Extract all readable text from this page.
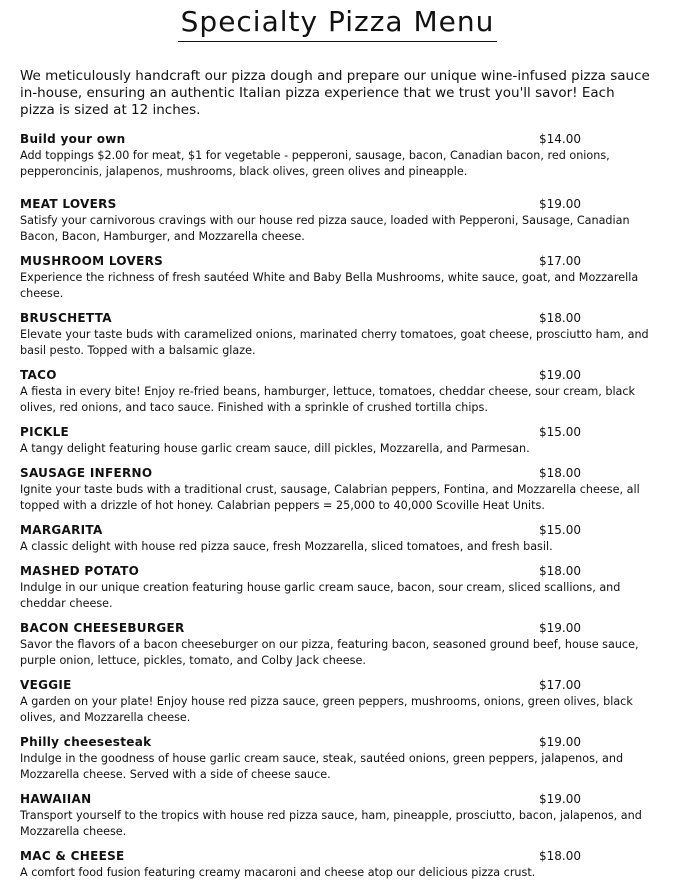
Specialty Pizza Menu

We meticulously handcraft our pizza dough and prepare our unique wine-infused pizza sauce in-house, ensuring an authentic Italian pizza experience that we trust you'll savor! Each pizza is sized at 12 inches.

Build your own	$14.00

Add toppings $2.00 for meat, $1 for vegetable - pepperoni, sausage, bacon, Canadian bacon, red onions, pepperoncinis, jalapenos, mushrooms, black olives, green olives and pineapple.

MEAT LOVERS	$19.00

Satisfy your carnivorous cravings with our house red pizza sauce, loaded with Pepperoni, Sausage, Canadian Bacon, Bacon, Hamburger, and Mozzarella cheese.

MUSHROOM LOVERS	$17.00

Experience the richness of fresh sautéed White and Baby Bella Mushrooms, white sauce, goat, and Mozzarella cheese.

BRUSCHETTA	$18.00

Elevate your taste buds with caramelized onions, marinated cherry tomatoes, goat cheese, prosciutto ham, and basil pesto. Topped with a balsamic glaze.

TACO	$19.00

A fiesta in every bite! Enjoy re-fried beans, hamburger, lettuce, tomatoes, cheddar cheese, sour cream, black olives, red onions, and taco sauce. Finished with a sprinkle of crushed tortilla chips.

PICKLE	$15.00

A tangy delight featuring house garlic cream sauce, dill pickles, Mozzarella, and Parmesan.

SAUSAGE INFERNO	$18.00

Ignite your taste buds with a traditional crust, sausage, Calabrian peppers, Fontina, and Mozzarella cheese, all topped with a drizzle of hot honey. Calabrian peppers = 25,000 to 40,000 Scoville Heat Units.

MARGARITA	$15.00

A classic delight with house red pizza sauce, fresh Mozzarella, sliced tomatoes, and fresh basil.

MASHED POTATO	$18.00

Indulge in our unique creation featuring house garlic cream sauce, bacon, sour cream, sliced scallions, and cheddar cheese.

BACON CHEESEBURGER	$19.00

Savor the flavors of a bacon cheeseburger on our pizza, featuring bacon, seasoned ground beef, house sauce, purple onion, lettuce, pickles, tomato, and Colby Jack cheese.

VEGGIE	$17.00

A garden on your plate! Enjoy house red pizza sauce, green peppers, mushrooms, onions, green olives, black olives, and Mozzarella cheese.

Philly cheesesteak	$19.00

Indulge in the goodness of house garlic cream sauce, steak, sautéed onions, green peppers, jalapenos, and Mozzarella cheese. Served with a side of cheese sauce.

HAWAIIAN	$19.00

Transport yourself to the tropics with house red pizza sauce, ham, pineapple, prosciutto, bacon, jalapenos, and Mozzarella cheese.

MAC & CHEESE	$18.00

A comfort food fusion featuring creamy macaroni and cheese atop our delicious pizza crust.
